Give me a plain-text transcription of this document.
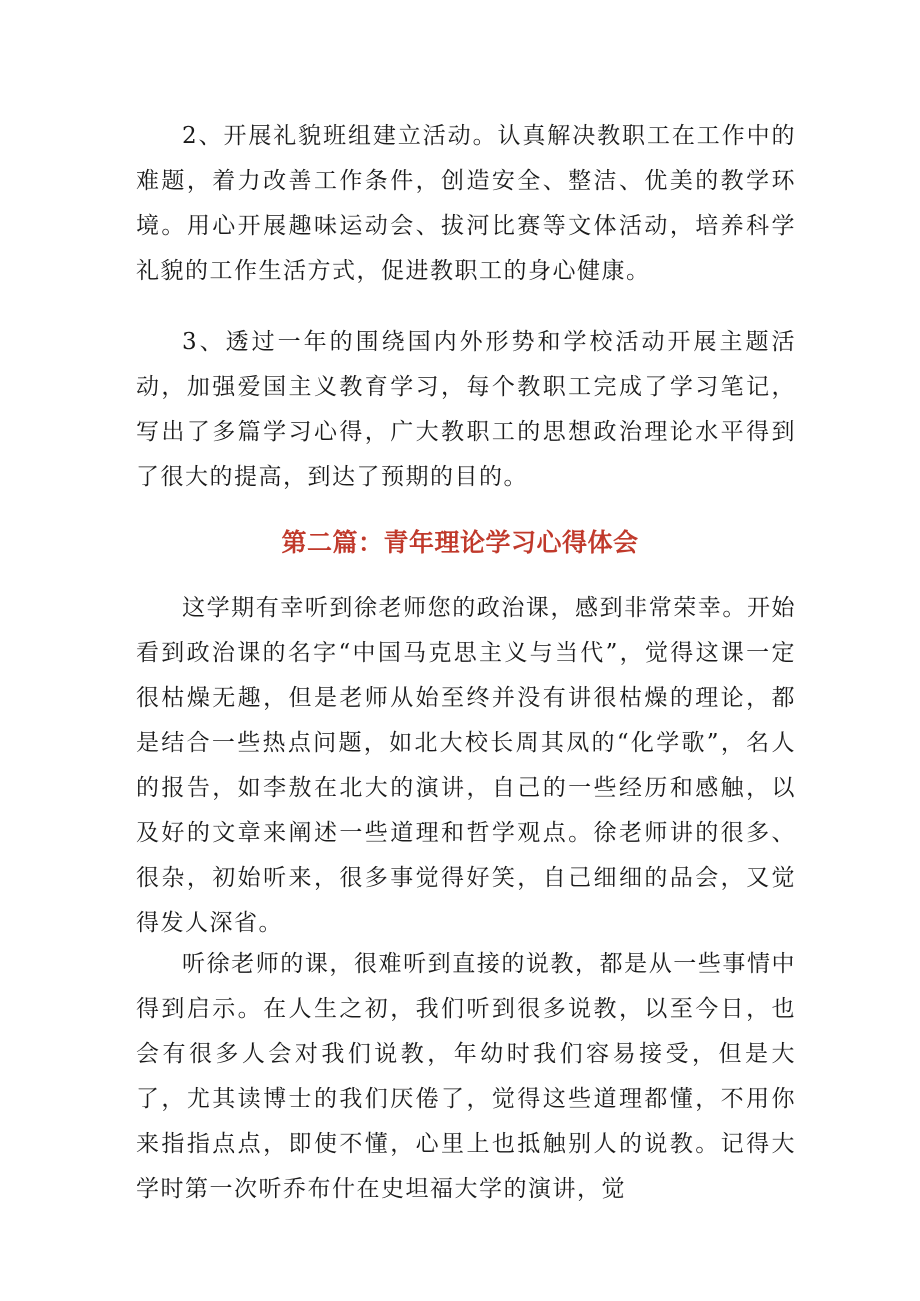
2、开展礼貌班组建立活动。认真解决教职工在工作中的难题，着力改善工作条件，创造安全、整洁、优美的教学环境。用心开展趣味运动会、拔河比赛等文体活动，培养科学礼貌的工作生活方式，促进教职工的身心健康。

3、透过一年的围绕国内外形势和学校活动开展主题活动，加强爱国主义教育学习，每个教职工完成了学习笔记，写出了多篇学习心得，广大教职工的思想政治理论水平得到了很大的提高，到达了预期的目的。

第二篇：青年理论学习心得体会

这学期有幸听到徐老师您的政治课，感到非常荣幸。开始看到政治课的名字“中国马克思主义与当代”，觉得这课一定很枯燥无趣，但是老师从始至终并没有讲很枯燥的理论，都是结合一些热点问题，如北大校长周其凤的“化学歌”，名人的报告，如李敖在北大的演讲，自己的一些经历和感触，以及好的文章来阐述一些道理和哲学观点。徐老师讲的很多、很杂，初始听来，很多事觉得好笑，自己细细的品会，又觉得发人深省。

听徐老师的课，很难听到直接的说教，都是从一些事情中得到启示。在人生之初，我们听到很多说教，以至今日，也会有很多人会对我们说教，年幼时我们容易接受，但是大了，尤其读博士的我们厌倦了，觉得这些道理都懂，不用你来指指点点，即使不懂，心里上也抵触别人的说教。记得大学时第一次听乔布什在史坦福大学的演讲，觉
